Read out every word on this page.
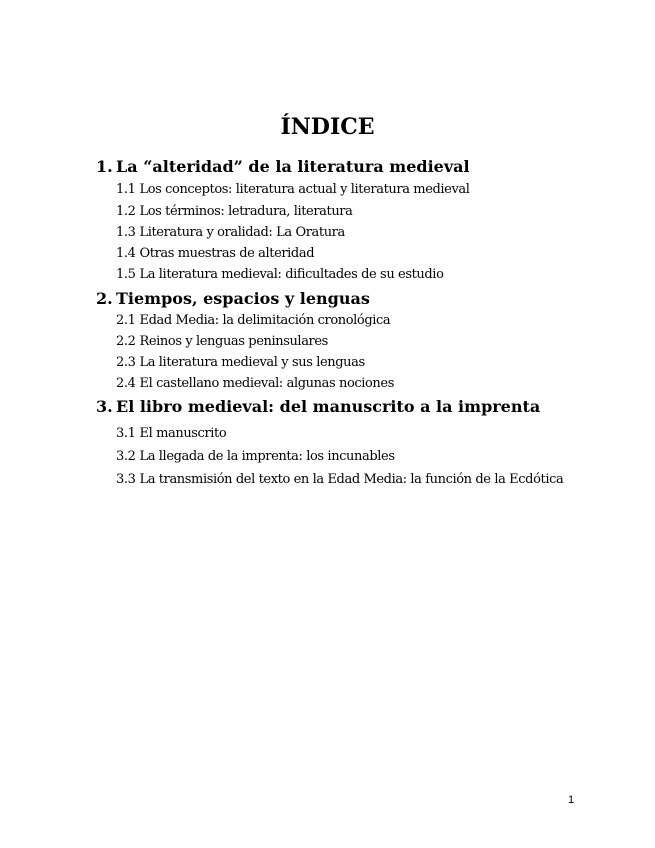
ÍNDICE
1. La “alteridad” de la literatura medieval
1.1 Los conceptos: literatura actual y literatura medieval
1.2 Los términos: letradura, literatura
1.3 Literatura y oralidad: La Oratura
1.4 Otras muestras de alteridad
1.5 La literatura medieval: dificultades de su estudio
2. Tiempos, espacios y lenguas
2.1 Edad Media: la delimitación cronológica
2.2 Reinos y lenguas peninsulares
2.3 La literatura medieval y sus lenguas
2.4 El castellano medieval: algunas nociones
3. El libro medieval: del manuscrito a la imprenta
3.1 El manuscrito
3.2 La llegada de la imprenta: los incunables
3.3 La transmisión del texto en la Edad Media: la función de la Ecdótica
1
